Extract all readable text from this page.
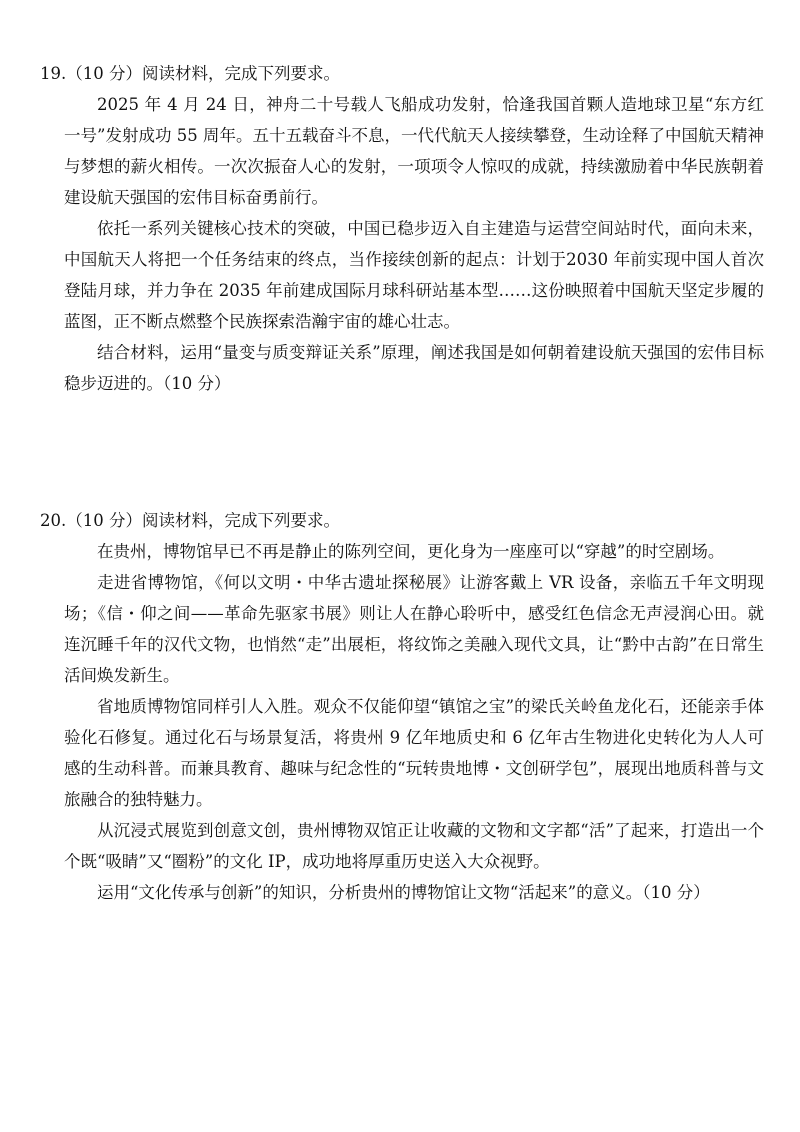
19.（10 分）阅读材料，完成下列要求。

2025 年 4 月 24 日，神舟二十号载人飞船成功发射，恰逢我国首颗人造地球卫星“东方红一号”发射成功 55 周年。五十五载奋斗不息，一代代航天人接续攀登，生动诠释了中国航天精神与梦想的薪火相传。一次次振奋人心的发射，一项项令人惊叹的成就，持续激励着中华民族朝着建设航天强国的宏伟目标奋勇前行。

依托一系列关键核心技术的突破，中国已稳步迈入自主建造与运营空间站时代，面向未来，中国航天人将把一个任务结束的终点，当作接续创新的起点：计划于2030 年前实现中国人首次登陆月球，并力争在 2035 年前建成国际月球科研站基本型……这份映照着中国航天坚定步履的蓝图，正不断点燃整个民族探索浩瀚宇宙的雄心壮志。

结合材料，运用“量变与质变辩证关系”原理，阐述我国是如何朝着建设航天强国的宏伟目标稳步迈进的。（10 分）

20.（10 分）阅读材料，完成下列要求。

在贵州，博物馆早已不再是静止的陈列空间，更化身为一座座可以“穿越”的时空剧场。

走进省博物馆，《何以文明・中华古遗址探秘展》让游客戴上 VR 设备，亲临五千年文明现场；《信・仰之间——革命先驱家书展》则让人在静心聆听中，感受红色信念无声浸润心田。就连沉睡千年的汉代文物，也悄然“走”出展柜，将纹饰之美融入现代文具，让“黔中古韵”在日常生活间焕发新生。

省地质博物馆同样引人入胜。观众不仅能仰望“镇馆之宝”的梁氏关岭鱼龙化石，还能亲手体验化石修复。通过化石与场景复活，将贵州 9 亿年地质史和 6 亿年古生物进化史转化为人人可感的生动科普。而兼具教育、趣味与纪念性的“玩转贵地博・文创研学包”，展现出地质科普与文旅融合的独特魅力。

从沉浸式展览到创意文创，贵州博物双馆正让收藏的文物和文字都“活”了起来，打造出一个个既“吸睛”又“圈粉”的文化 IP，成功地将厚重历史送入大众视野。

运用“文化传承与创新”的知识，分析贵州的博物馆让文物“活起来”的意义。（10 分）
